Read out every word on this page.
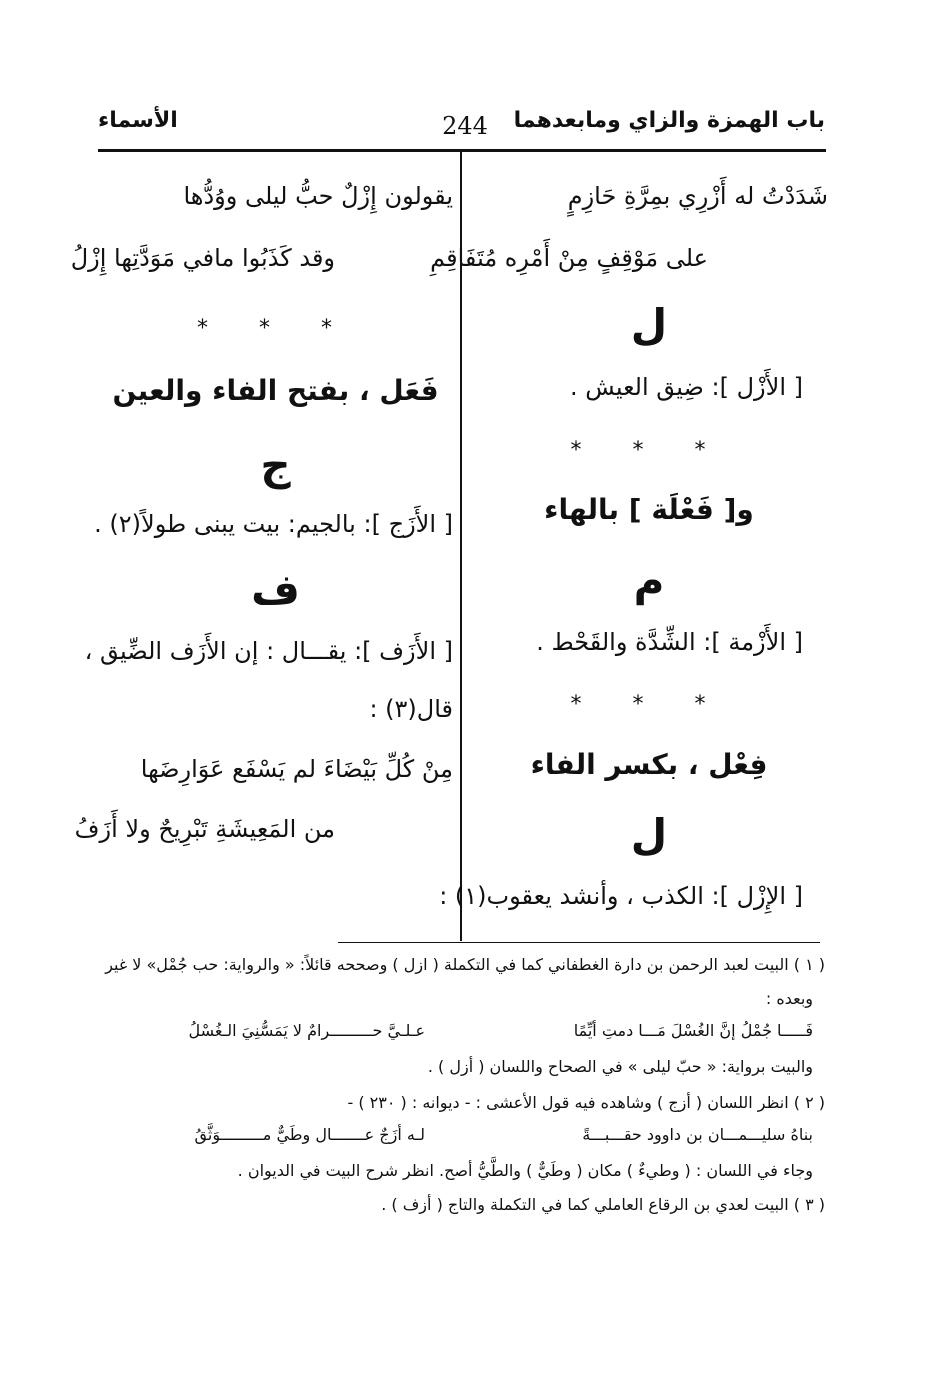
باب الهمزة والزاي ومابعدهما
244
الأسماء
شَدَدْتُ له أَزْرِي بمِرَّةِ حَازِمٍ
على مَوْقِفٍ مِنْ أَمْرِه مُتَفَاقِمِ
ل
[ الأَزْل ]: ضِيق العيش .
* * *
و[ فَعْلَة ] بالهاء
م
[ الأَزْمة ]: الشِّدَّة والقَحْط .
* * *
فِعْل ، بكسر الفاء
ل
[ الإِزْل ]: الكذب ، وأنشد يعقوب(١) :
يقولون إِزْلٌ حبُّ ليلى ووُدُّها
وقد كَذَبُوا مافي مَوَدَّتِها إِزْلُ
* * *
فَعَل ، بفتح الفاء والعين
ج
[ الأَزَج ]: بالجيم: بيت يبنى طولاً(٢) .
ف
[ الأَزَف ]: يقـــال : إن الأَزَف الضِّيق ،
قال(٣) :
مِنْ كُلِّ بَيْضَاءَ لم يَسْفَع عَوَارِضَها
من المَعِيشَةِ تَبْرِيحٌ ولا أَزَفُ
( ١ ) البيت لعبد الرحمن بن دارة الغطفاني كما في التكملة ( ازل ) وصححه قائلاً: « والرواية: حب جُمْل» لا غير
وبعده :
فَـــــا جُمْلُ إنَّ الغُسْلَ مَـــا دمتِ أيِّمًا
عـلـيَّ حـــــــــرامٌ لا يَمَسُّنِيَ الـغُسْلُ
والبيت برواية: « حبّ ليلى » في الصحاح واللسان ( أزل ) .
( ٢ ) انظر اللسان ( أزج ) وشاهده فيه قول الأعشى : - ديوانه : ( ٢٣٠ ) -
بناهُ سليـــمـــان بن داوود حقـــبـــةً
لـه أزَجٌ عـــــــال وطَيٌّ مـــــــــوَثَّقُ
وجاء في اللسان : ( وطيءٌ ) مكان ( وطَيٌّ ) والطَّيُّ أصح. انظر شرح البيت في الديوان .
( ٣ ) البيت لعدي بن الرقاع العاملي كما في التكملة والتاج ( أزف ) .
